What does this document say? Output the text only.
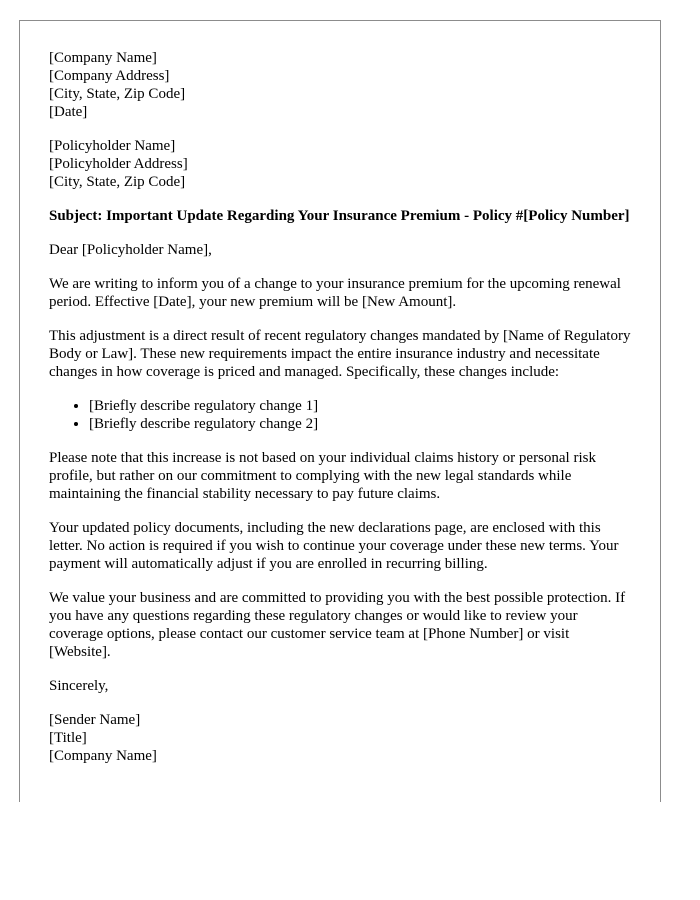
[Company Name]
[Company Address]
[City, State, Zip Code]
[Date]
[Policyholder Name]
[Policyholder Address]
[City, State, Zip Code]

Subject: Important Update Regarding Your Insurance Premium - Policy #[Policy Number]

Dear [Policyholder Name],

We are writing to inform you of a change to your insurance premium for the upcoming renewal period. Effective [Date], your new premium will be [New Amount].

This adjustment is a direct result of recent regulatory changes mandated by [Name of Regulatory Body or Law]. These new requirements impact the entire insurance industry and necessitate changes in how coverage is priced and managed. Specifically, these changes include:

• [Briefly describe regulatory change 1]
• [Briefly describe regulatory change 2]

Please note that this increase is not based on your individual claims history or personal risk profile, but rather on our commitment to complying with the new legal standards while maintaining the financial stability necessary to pay future claims.

Your updated policy documents, including the new declarations page, are enclosed with this letter. No action is required if you wish to continue your coverage under these new terms. Your payment will automatically adjust if you are enrolled in recurring billing.

We value your business and are committed to providing you with the best possible protection. If you have any questions regarding these regulatory changes or would like to review your coverage options, please contact our customer service team at [Phone Number] or visit [Website].

Sincerely,

[Sender Name]
[Title]
[Company Name]
